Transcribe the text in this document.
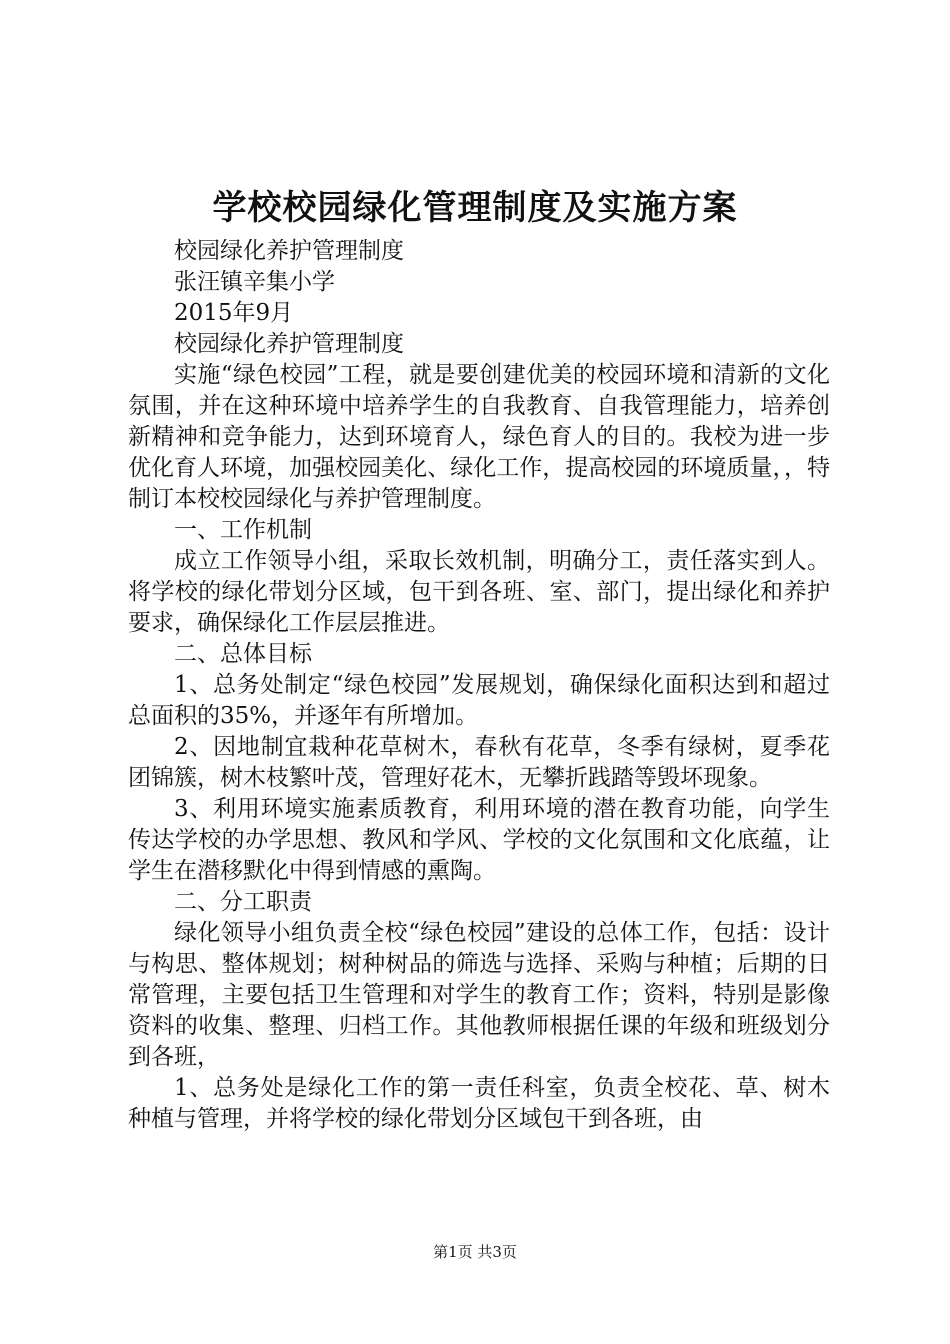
学校校园绿化管理制度及实施方案

校园绿化养护管理制度

张汪镇辛集小学

2015年9月

校园绿化养护管理制度

实施“绿色校园”工程，就是要创建优美的校园环境和清新的文化氛围，并在这种环境中培养学生的自我教育、自我管理能力，培养创新精神和竞争能力，达到环境育人，绿色育人的目的。我校为进一步优化育人环境，加强校园美化、绿化工作，提高校园的环境质量，，特制订本校校园绿化与养护管理制度。

一、工作机制

成立工作领导小组，采取长效机制，明确分工，责任落实到人。将学校的绿化带划分区域，包干到各班、室、部门，提出绿化和养护要求，确保绿化工作层层推进。

二、总体目标

1、总务处制定“绿色校园”发展规划，确保绿化面积达到和超过总面积的35%，并逐年有所增加。

2、因地制宜栽种花草树木，春秋有花草，冬季有绿树，夏季花团锦簇，树木枝繁叶茂，管理好花木，无攀折践踏等毁坏现象。

3、利用环境实施素质教育，利用环境的潜在教育功能，向学生传达学校的办学思想、教风和学风、学校的文化氛围和文化底蕴，让学生在潜移默化中得到情感的熏陶。

二、分工职责

绿化领导小组负责全校“绿色校园”建设的总体工作，包括：设计与构思、整体规划；树种树品的筛选与选择、采购与种植；后期的日常管理，主要包括卫生管理和对学生的教育工作；资料，特别是影像资料的收集、整理、归档工作。其他教师根据任课的年级和班级划分到各班，

1、总务处是绿化工作的第一责任科室，负责全校花、草、树木种植与管理，并将学校的绿化带划分区域包干到各班，由

第1页 共3页
